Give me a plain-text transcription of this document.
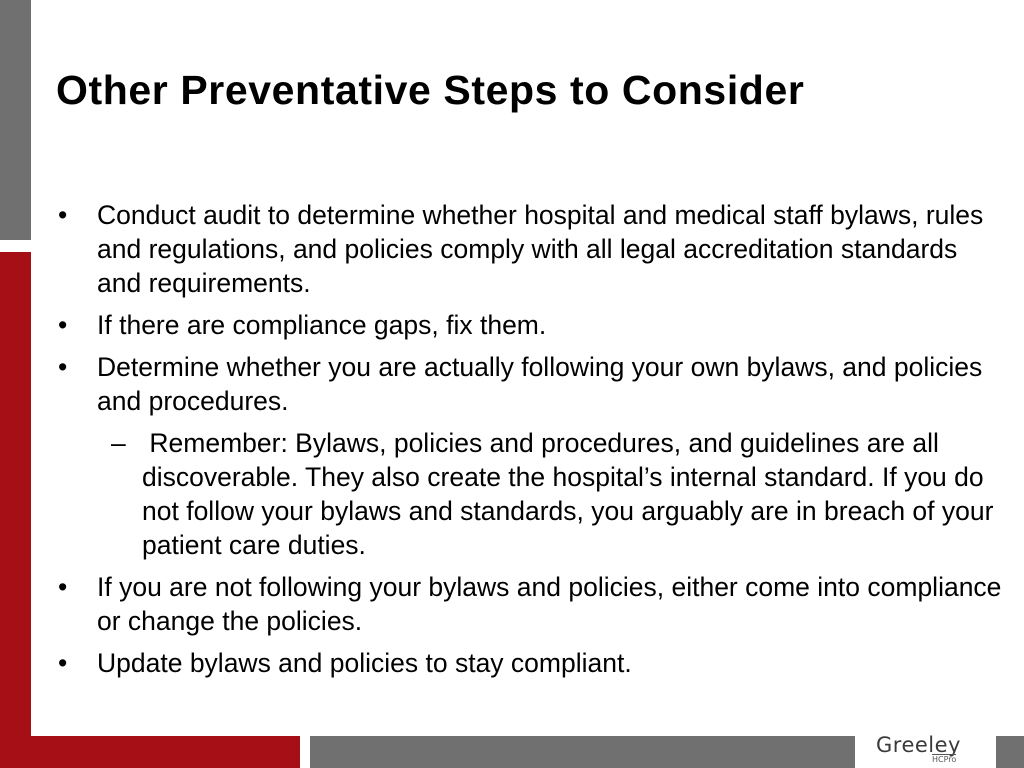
Greeley
HCPro
Other Preventative Steps to Consider
• Conduct audit to determine whether hospital and medical staff bylaws, rules and regulations, and policies comply with all legal accreditation standards and requirements.
• If there are compliance gaps, fix them.
• Determine whether you are actually following your own bylaws, and policies and procedures.
– Remember: Bylaws, policies and procedures, and guidelines are all discoverable. They also create the hospital’s internal standard. If you do not follow your bylaws and standards, you arguably are in breach of your patient care duties.
• If you are not following your bylaws and policies, either come into compliance or change the policies.
• Update bylaws and policies to stay compliant.
